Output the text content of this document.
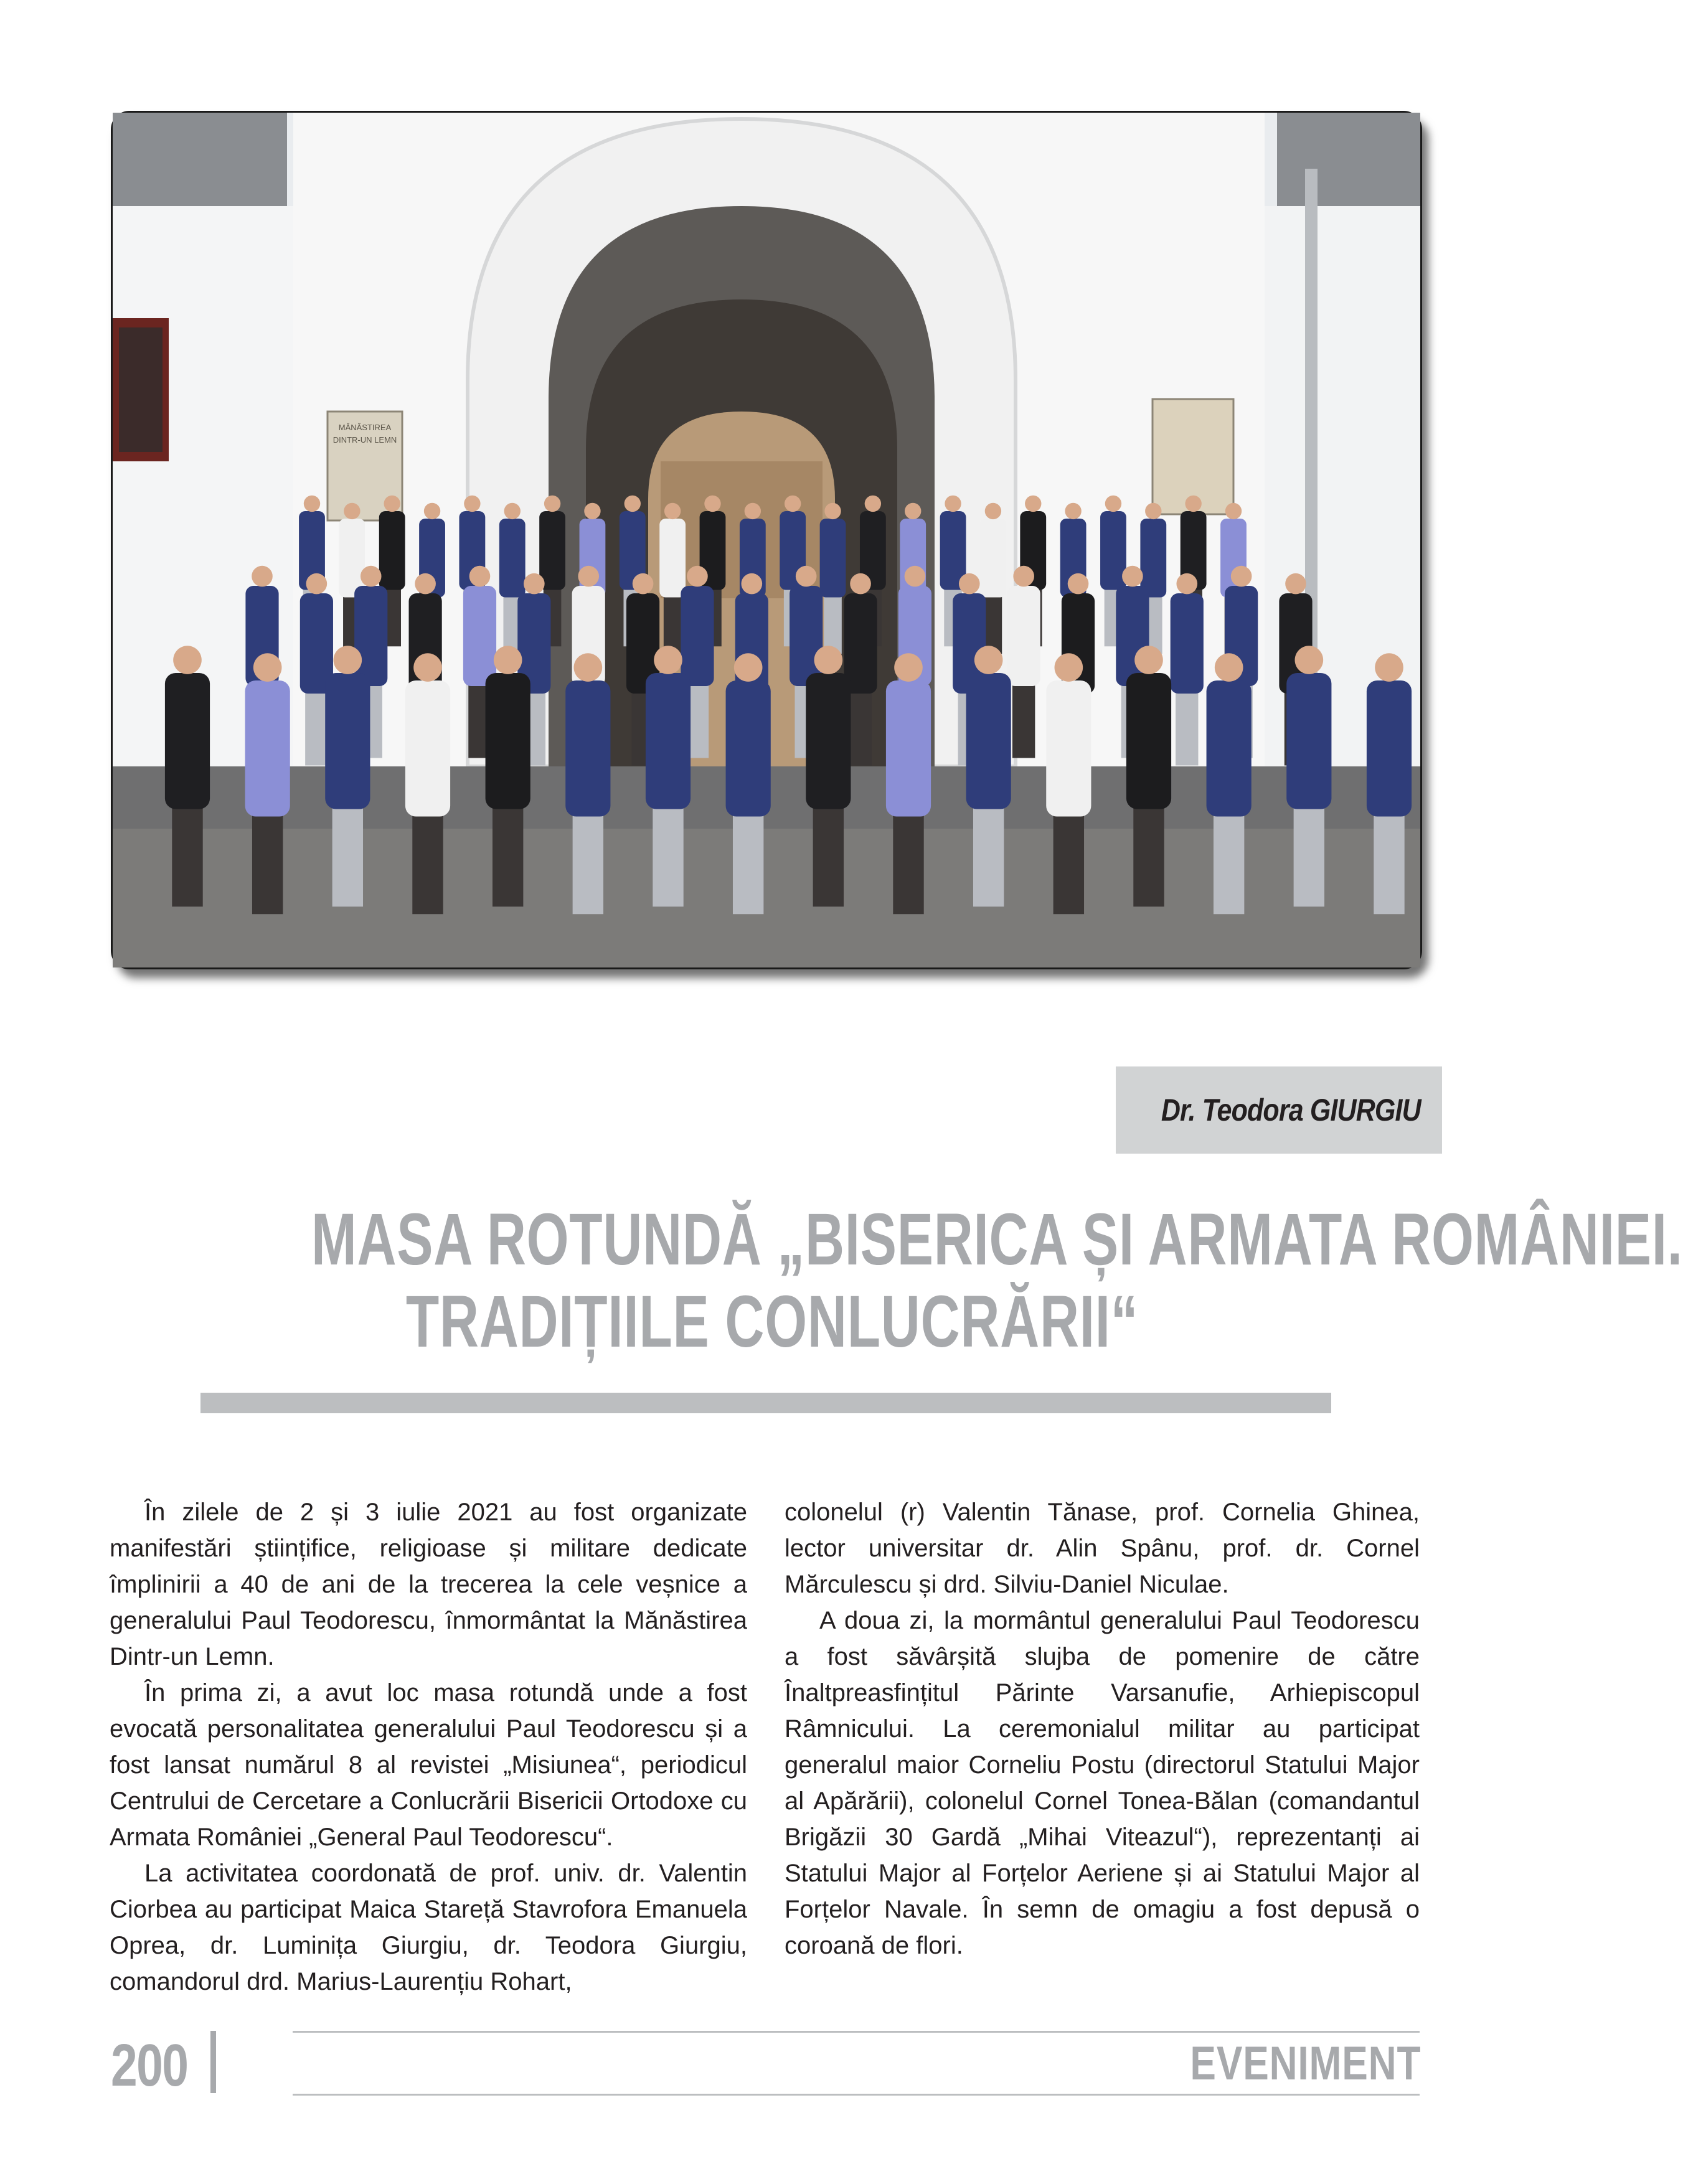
MĂNĂSTIREA
DINTR-UN LEMN
Dr. Teodora GIURGIU
MASA ROTUNDĂ „BISERICA ȘI ARMATA ROMÂNIEI.
TRADIȚIILE CONLUCRĂRII“

În zilele de 2 și 3 iulie 2021 au fost organizate manifestări științifice, religioase și militare dedicate împlinirii a 40 de ani de la trecerea la cele veșnice a generalului Paul Teodorescu, înmormântat la Mănăstirea Dintr-un Lemn.

În prima zi, a avut loc masa rotundă unde a fost evocată personalitatea generalului Paul Teodorescu și a fost lansat numărul 8 al revistei „Misiunea“, periodicul Centrului de Cercetare a Conlucrării Bisericii Ortodoxe cu Armata României „General Paul Teodorescu“.

La activitatea coordonată de prof. univ. dr. Valentin Ciorbea au participat Maica Stareță Stavrofora Emanuela Oprea, dr. Luminița Giurgiu, dr. Teodora Giurgiu, comandorul drd. Marius-Laurențiu Rohart,

colonelul (r) Valentin Tănase, prof. Cornelia Ghinea, lector universitar dr. Alin Spânu, prof. dr. Cornel Mărculescu și drd. Silviu-Daniel Niculae.

A doua zi, la mormântul generalului Paul Teodorescu a fost săvârșită slujba de pomenire de către Înaltpreasfințitul Părinte Varsanufie, Arhiepiscopul Râmnicului. La ceremonialul militar au participat generalul maior Corneliu Postu (directorul Statului Major al Apărării), colonelul Cornel Tonea-Bălan (comandantul Brigăzii 30 Gardă „Mihai Viteazul“), reprezentanți ai Statului Major al Forțelor Aeriene și ai Statului Major al Forțelor Navale. În semn de omagiu a fost depusă o coroană de flori.

200	EVENIMENT
